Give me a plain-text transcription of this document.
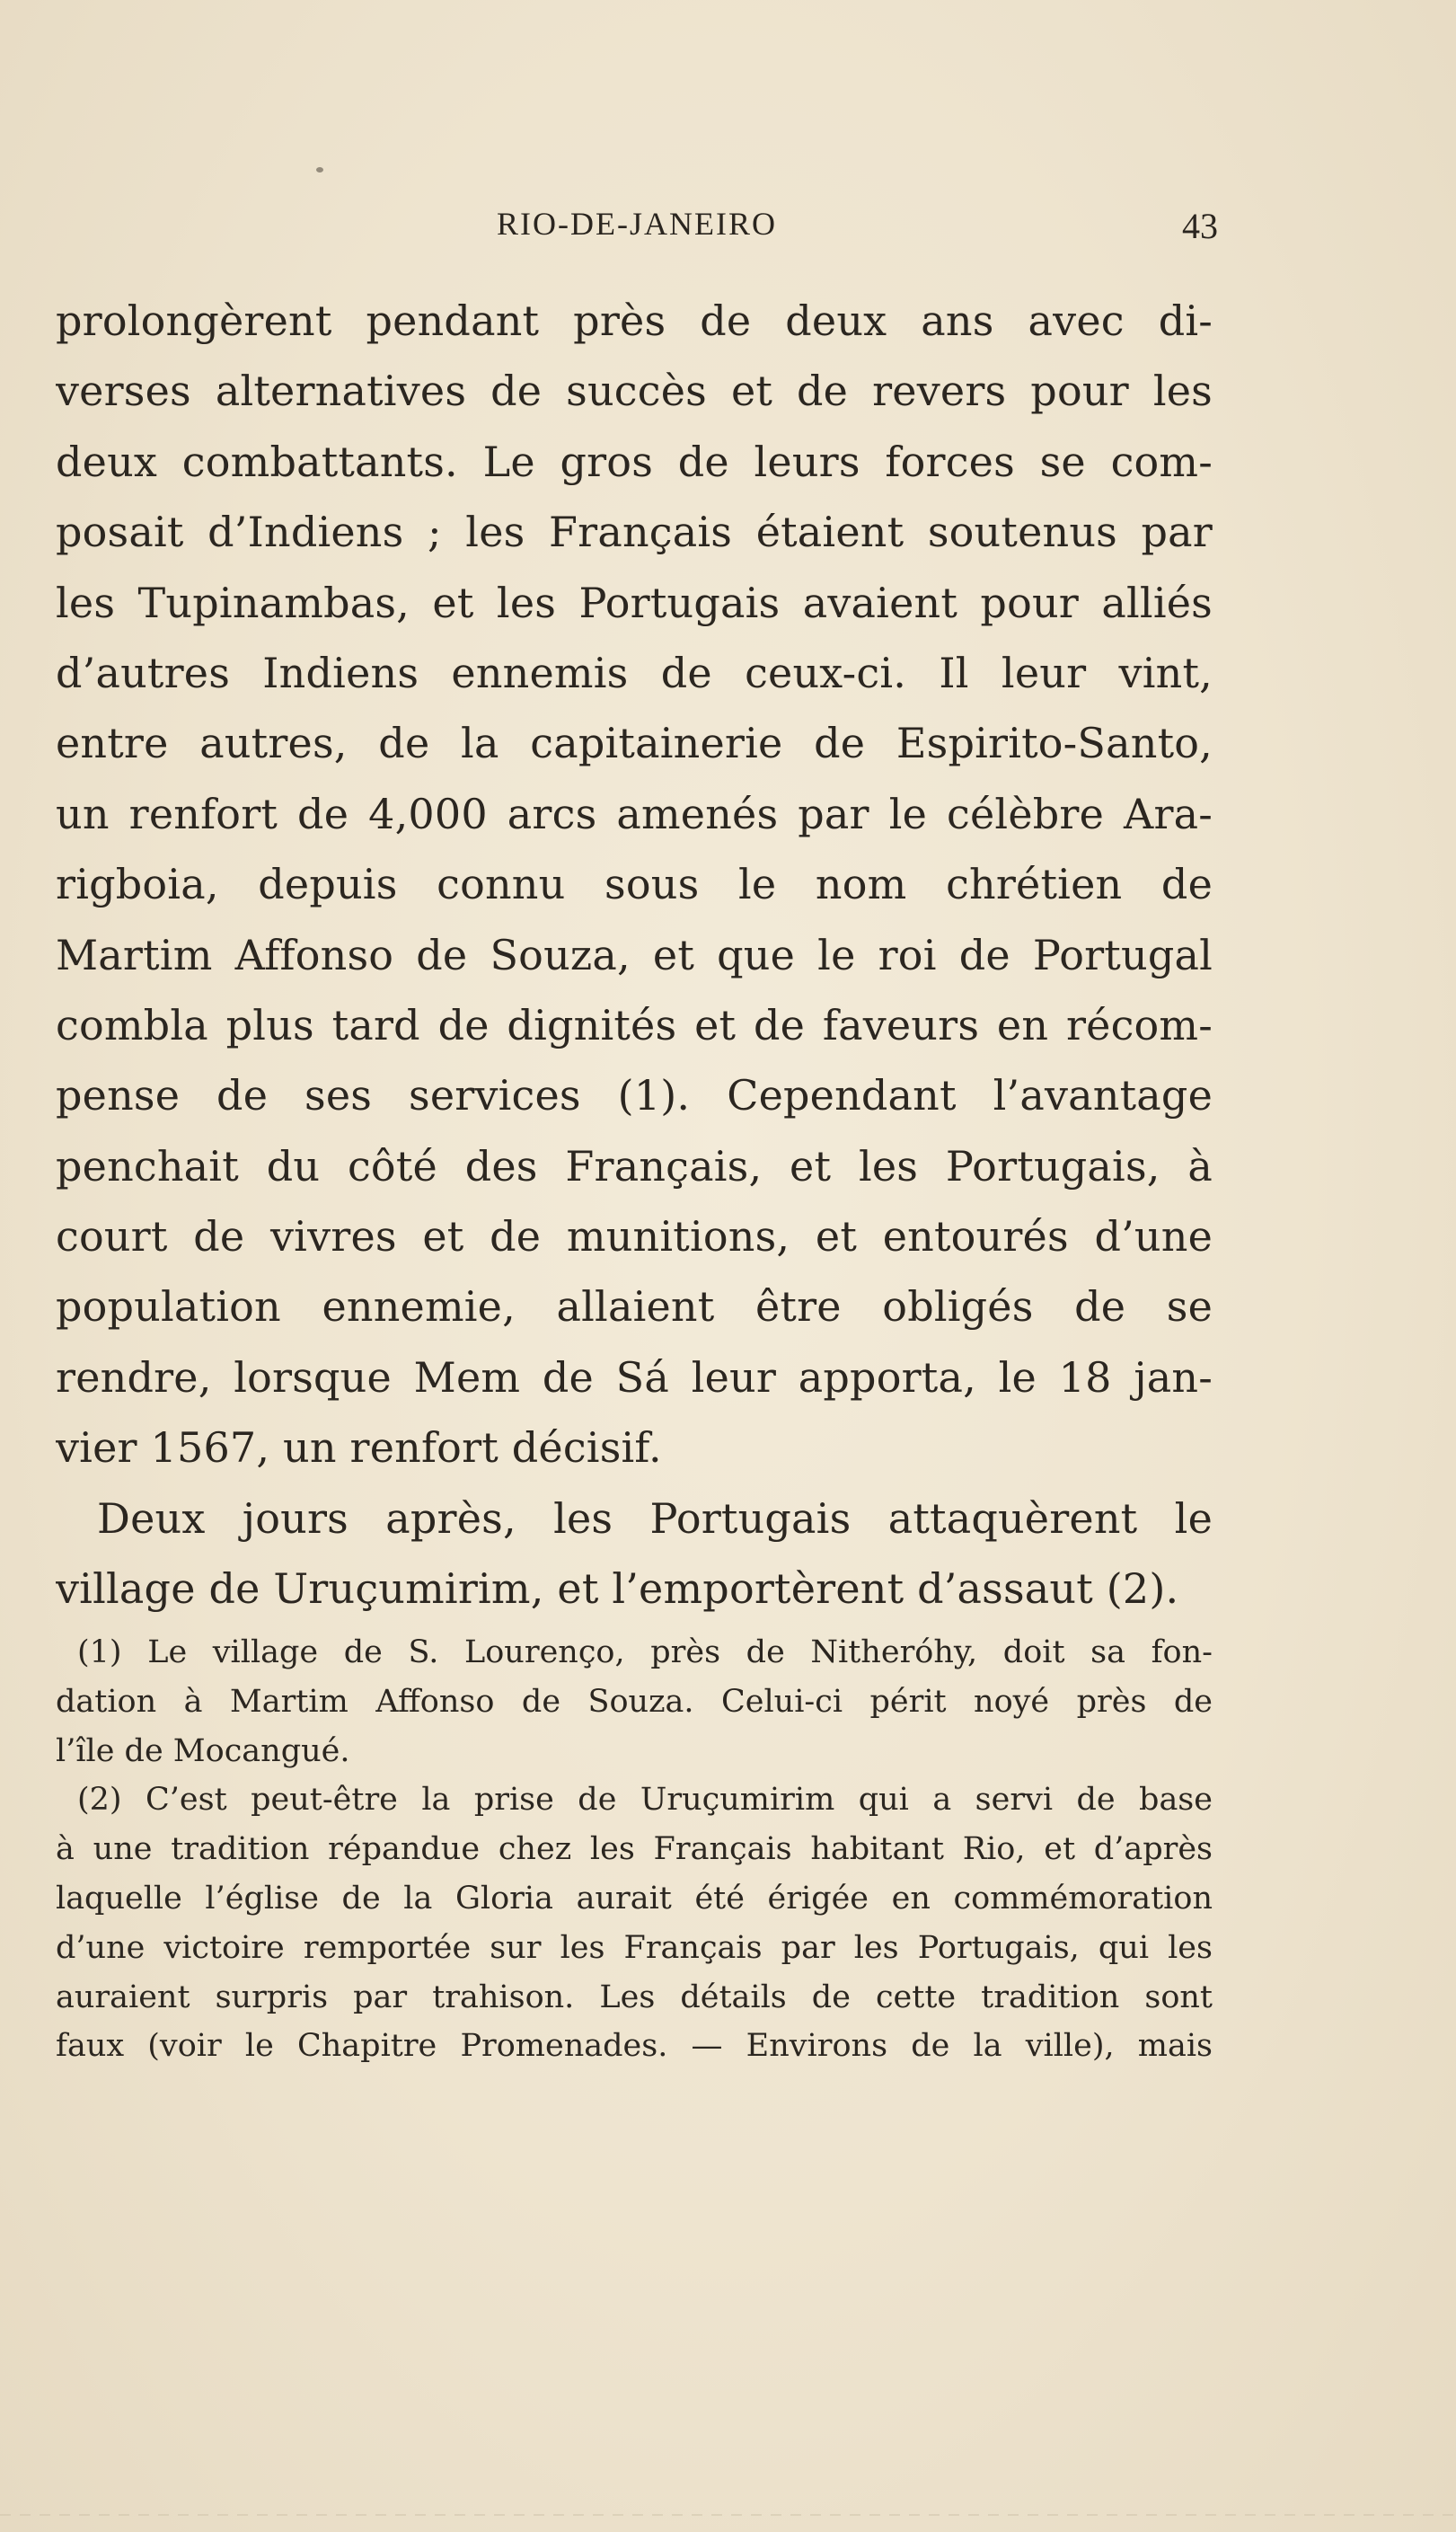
RIO-DE-JANEIRO	43
prolongèrent pendant près de deux ans avec di-
verses alternatives de succès et de revers pour les
deux combattants. Le gros de leurs forces se com-
posait d’Indiens ; les Français étaient soutenus par
les Tupinambas, et les Portugais avaient pour alliés
d’autres Indiens ennemis de ceux-ci. Il leur vint,
entre autres, de la capitainerie de Espirito-Santo,
un renfort de 4,000 arcs amenés par le célèbre Ara-
rigboia, depuis connu sous le nom chrétien de
Martim Affonso de Souza, et que le roi de Portugal
combla plus tard de dignités et de faveurs en récom-
pense de ses services (1). Cependant l’avantage
penchait du côté des Français, et les Portugais, à
court de vivres et de munitions, et entourés d’une
population ennemie, allaient être obligés de se
rendre, lorsque Mem de Sá leur apporta, le 18 jan-
vier 1567, un renfort décisif.
Deux jours après, les Portugais attaquèrent le
village de Uruçumirim, et l’emportèrent d’assaut (2).
(1) Le village de S. Lourenço, près de Nitheróhy, doit sa fon-
dation à Martim Affonso de Souza. Celui-ci périt noyé près de
l’île de Mocangué.
(2) C’est peut-être la prise de Uruçumirim qui a servi de base
à une tradition répandue chez les Français habitant Rio, et d’après
laquelle l’église de la Gloria aurait été érigée en commémoration
d’une victoire remportée sur les Français par les Portugais, qui les
auraient surpris par trahison. Les détails de cette tradition sont
faux (voir le Chapitre Promenades. — Environs de la ville), mais
